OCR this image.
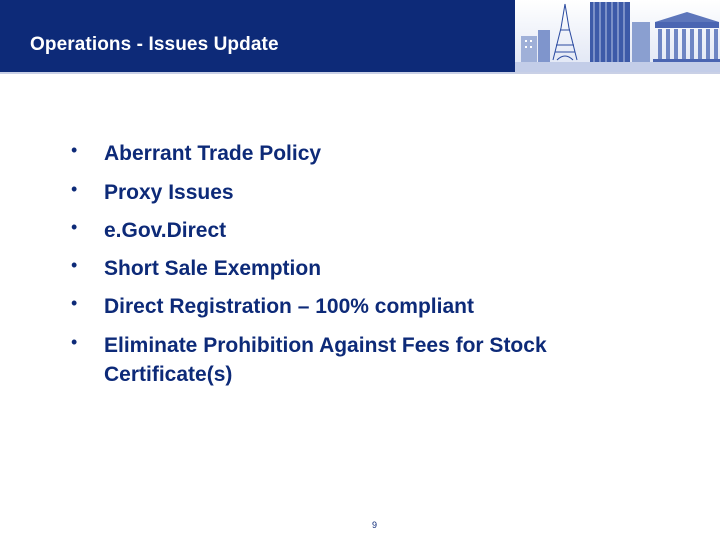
Operations - Issues Update
• Aberrant Trade Policy
• Proxy Issues
• e.Gov.Direct
• Short Sale Exemption
• Direct Registration – 100% compliant
• Eliminate Prohibition Against Fees for Stock Certificate(s)
9
